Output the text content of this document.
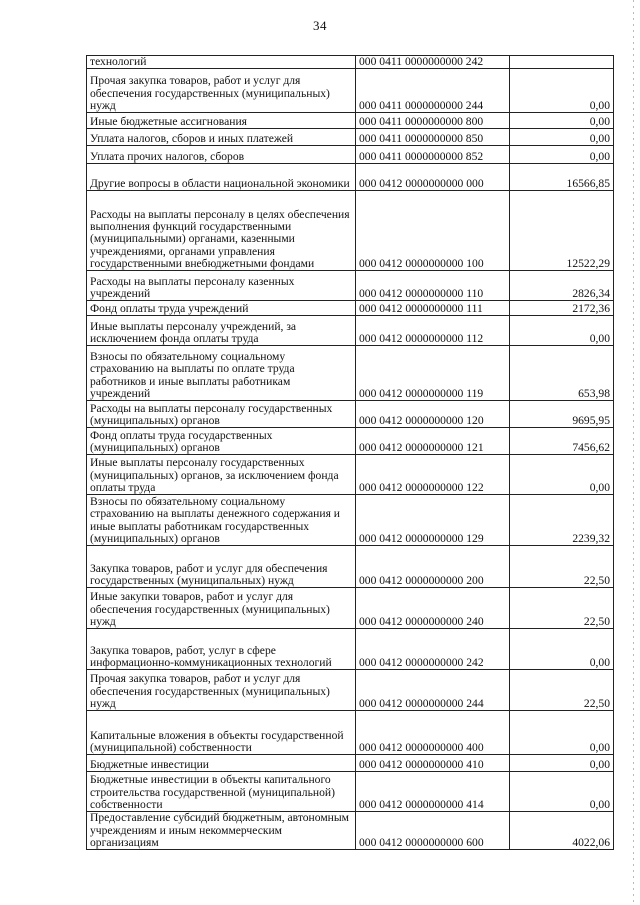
34
технологий	000 0411 0000000000 242	
Прочая закупка товаров, работ и услуг для обеспечения государственных (муниципальных) нужд	000 0411 0000000000 244	0,00
Иные бюджетные ассигнования	000 0411 0000000000 800	0,00
Уплата налогов, сборов и иных платежей	000 0411 0000000000 850	0,00
Уплата прочих налогов, сборов	000 0411 0000000000 852	0,00
Другие вопросы в области национальной экономики	000 0412 0000000000 000	16566,85
Расходы на выплаты персоналу в целях обеспечения выполнения функций государственными (муниципальными) органами, казенными учреждениями, органами управления государственными внебюджетными фондами	000 0412 0000000000 100	12522,29
Расходы на выплаты персоналу казенных учреждений	000 0412 0000000000 110	2826,34
Фонд оплаты труда учреждений	000 0412 0000000000 111	2172,36
Иные выплаты персоналу учреждений, за исключением фонда оплаты труда	000 0412 0000000000 112	0,00
Взносы по обязательному социальному страхованию на выплаты по оплате труда работников и иные выплаты работникам учреждений	000 0412 0000000000 119	653,98
Расходы на выплаты персоналу государственных (муниципальных) органов	000 0412 0000000000 120	9695,95
Фонд оплаты труда государственных (муниципальных) органов	000 0412 0000000000 121	7456,62
Иные выплаты персоналу государственных (муниципальных) органов, за исключением фонда оплаты труда	000 0412 0000000000 122	0,00
Взносы по обязательному социальному страхованию на выплаты денежного содержания и иные выплаты работникам государственных (муниципальных) органов	000 0412 0000000000 129	2239,32
Закупка товаров, работ и услуг для обеспечения государственных (муниципальных) нужд	000 0412 0000000000 200	22,50
Иные закупки товаров, работ и услуг для обеспечения государственных (муниципальных) нужд	000 0412 0000000000 240	22,50
Закупка товаров, работ, услуг в сфере информационно-коммуникационных технологий	000 0412 0000000000 242	0,00
Прочая закупка товаров, работ и услуг для обеспечения государственных (муниципальных) нужд	000 0412 0000000000 244	22,50
Капитальные вложения в объекты государственной (муниципальной) собственности	000 0412 0000000000 400	0,00
Бюджетные инвестиции	000 0412 0000000000 410	0,00
Бюджетные инвестиции в объекты капитального строительства государственной (муниципальной) собственности	000 0412 0000000000 414	0,00
Предоставление субсидий бюджетным, автономным учреждениям и иным некоммерческим организациям	000 0412 0000000000 600	4022,06
